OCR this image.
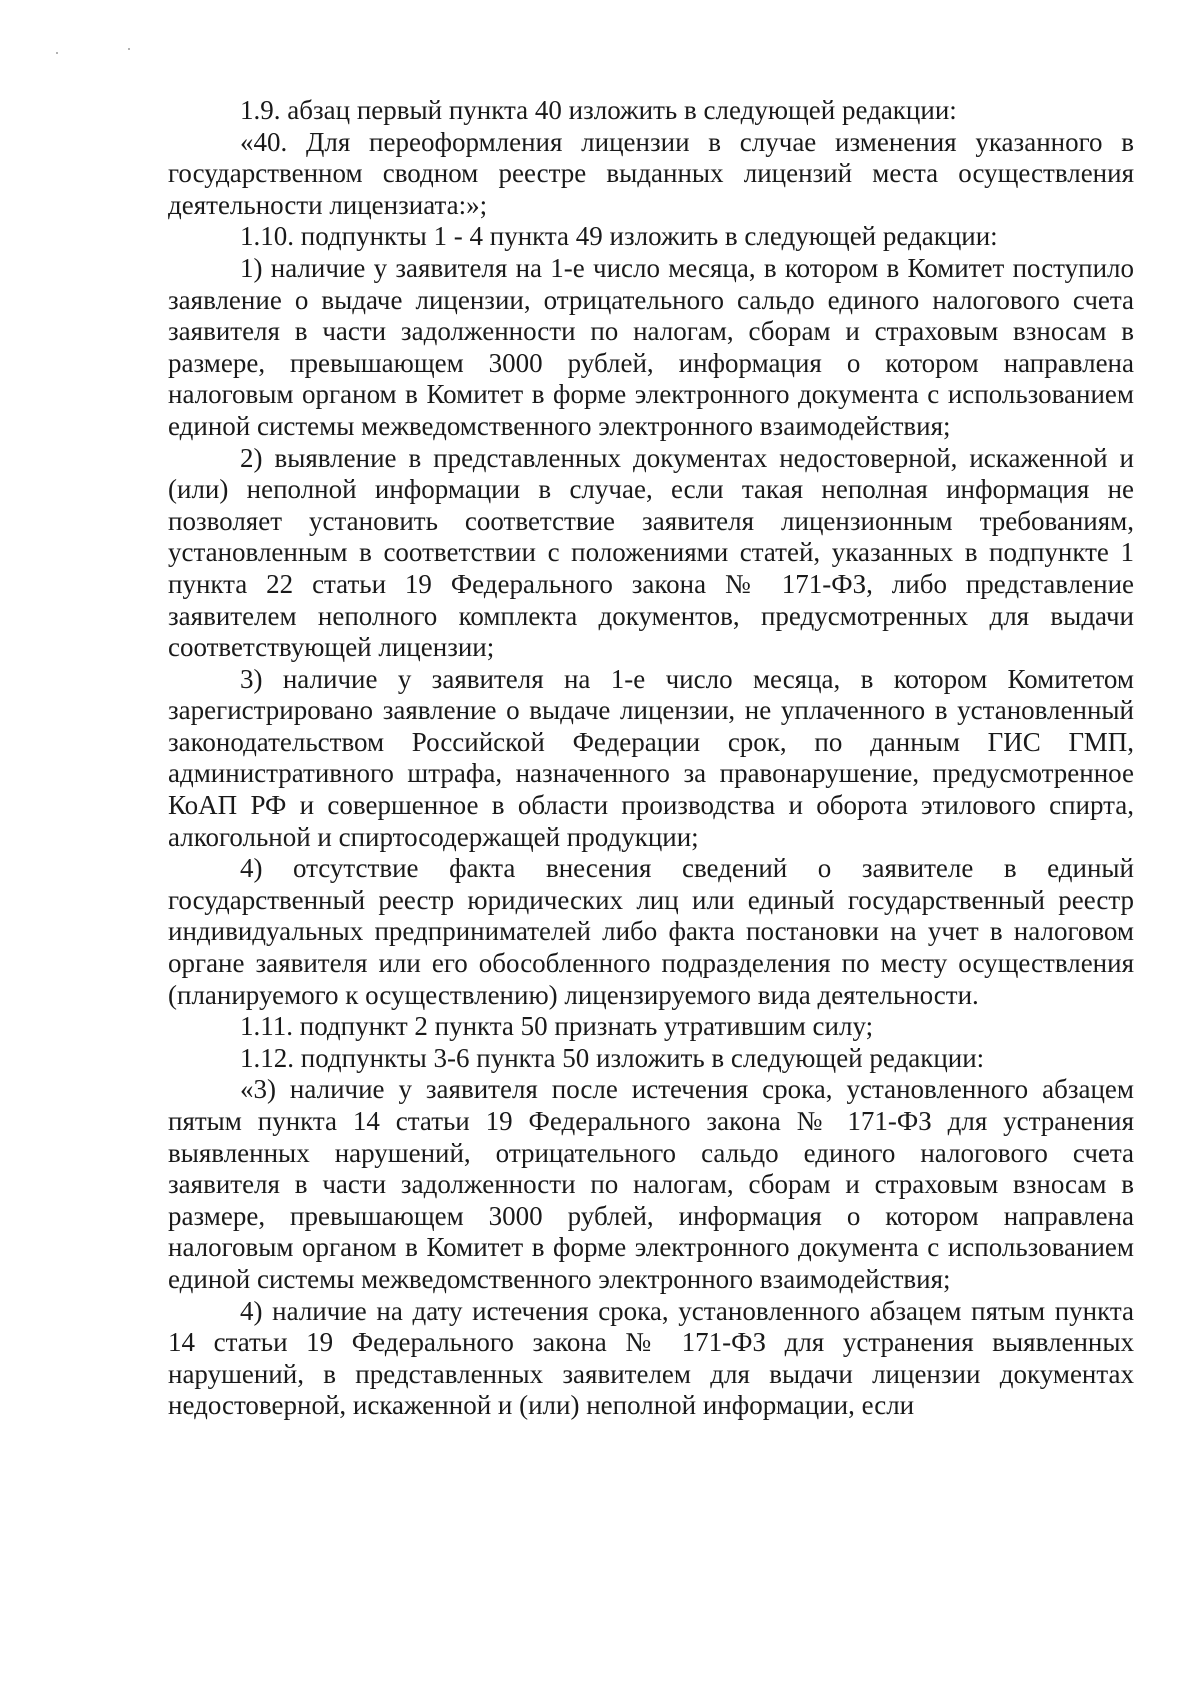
1.9. абзац первый пункта 40 изложить в следующей редакции:

«40. Для переоформления лицензии в случае изменения указанного в государственном сводном реестре выданных лицензий места осуществления деятельности лицензиата:»;

1.10. подпункты 1 - 4 пункта 49 изложить в следующей редакции:

1) наличие у заявителя на 1-е число месяца, в котором в Комитет поступило заявление о выдаче лицензии, отрицательного сальдо единого налогового счета заявителя в части задолженности по налогам, сборам и страховым взносам в размере, превышающем 3000 рублей, информация о котором направлена налоговым органом в Комитет в форме электронного документа с использованием единой системы межведомственного электронного взаимодействия;

2) выявление в представленных документах недостоверной, искаженной и (или) неполной информации в случае, если такая неполная информация не позволяет установить соответствие заявителя лицензионным требованиям, установленным в соответствии с положениями статей, указанных в подпункте 1 пункта 22 статьи 19 Федерального закона № 171-ФЗ, либо представление заявителем неполного комплекта документов, предусмотренных для выдачи соответствующей лицензии;

3) наличие у заявителя на 1-е число месяца, в котором Комитетом зарегистрировано заявление о выдаче лицензии, не уплаченного в установленный законодательством Российской Федерации срок, по данным ГИС ГМП, административного штрафа, назначенного за правонарушение, предусмотренное КоАП РФ и совершенное в области производства и оборота этилового спирта, алкогольной и спиртосодержащей продукции;

4) отсутствие факта внесения сведений о заявителе в единый государственный реестр юридических лиц или единый государственный реестр индивидуальных предпринимателей либо факта постановки на учет в налоговом органе заявителя или его обособленного подразделения по месту осуществления (планируемого к осуществлению) лицензируемого вида деятельности.

1.11. подпункт 2 пункта 50 признать утратившим силу;

1.12. подпункты 3-6 пункта 50 изложить в следующей редакции:

«3) наличие у заявителя после истечения срока, установленного абзацем пятым пункта 14 статьи 19 Федерального закона № 171-ФЗ для устранения выявленных нарушений, отрицательного сальдо единого налогового счета заявителя в части задолженности по налогам, сборам и страховым взносам в размере, превышающем 3000 рублей, информация о котором направлена налоговым органом в Комитет в форме электронного документа с использованием единой системы межведомственного электронного взаимодействия;

4) наличие на дату истечения срока, установленного абзацем пятым пункта 14 статьи 19 Федерального закона № 171-ФЗ для устранения выявленных нарушений, в представленных заявителем для выдачи лицензии документах недостоверной, искаженной и (или) неполной информации, если
